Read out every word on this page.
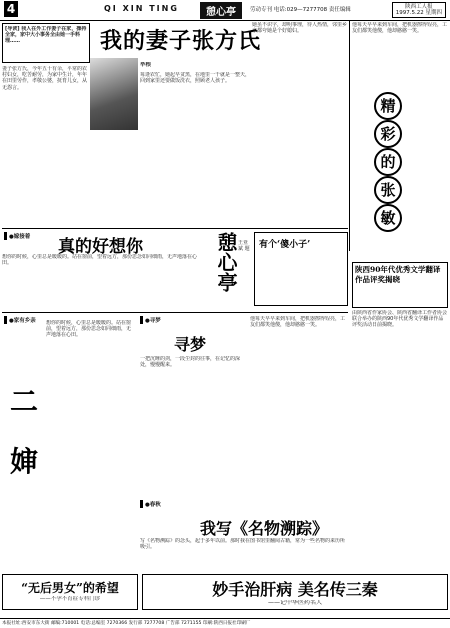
4	QI XIN TING	憩心亭	劳动专刊 电话:029—7277708 责任编辑	陕西工人报
1997.5.22 星期四
[导读] 我人在外工作妻子在家，操持全家，家中大小事务全由她一手料理……	我的妻子张方氏
妻子张方氏，今年五十有余，平常的农村妇女，吃苦耐劳，为家中生计，年年在田里劳作，孝敬公婆，抚育儿女，从无怨言。
毕根
每逢农忙，她起早贪黑，在地里一干就是一整天，回到家里还要做饭洗衣，照顾老人孩子。
她虽不识字，却明事理，待人热情，邻里乡亲都夸她是个好媳妇。
他每天早早来到车间，把机器擦得锃亮，工友们都笑他傻，他却憨憨一笑。
精
彩
的
张
敏
●嫁接着 真的好想你
想你的时候，心里总是暖暖的。站在窗前，望着远方，那份思念如同细雨，无声地落在心田。	憩心亭 王亚斌 题 有个‘傻小子’
陕西90年代优秀文学翻译作品评奖揭晓
由陕西省作家协会、陕西省翻译工作者协会联合举办的陕西90年代优秀文学翻译作品评奖活动日前揭晓。
●家有乡亲
二
婶
想你的时候，心里总是暖暖的。站在窗前，望着远方，那份思念如同细雨，无声地落在心田。
●寻梦
寻梦
一把沉睡的剑，一段尘封的往事，在记忆的深处，慢慢醒来。
他每天早早来到车间，把机器擦得锃亮，工友们都笑他傻，他却憨憨一笑。
●春秋
我写《名物溯踪》
写《名物溯踪》的念头，起于多年以前。那时我在图书馆里翻阅古籍，常为一些名物的来历所吸引。
“无后男女”的希望
——不孕不育症专科门诊	妙手治肝病 美名传三秦
——记中华医药名人
本报社址:西安市东大街 邮编:710001 电话:总编室 7270366 发行部 7277708 广告部 7271155 印刷:陕西日报社印刷厂
